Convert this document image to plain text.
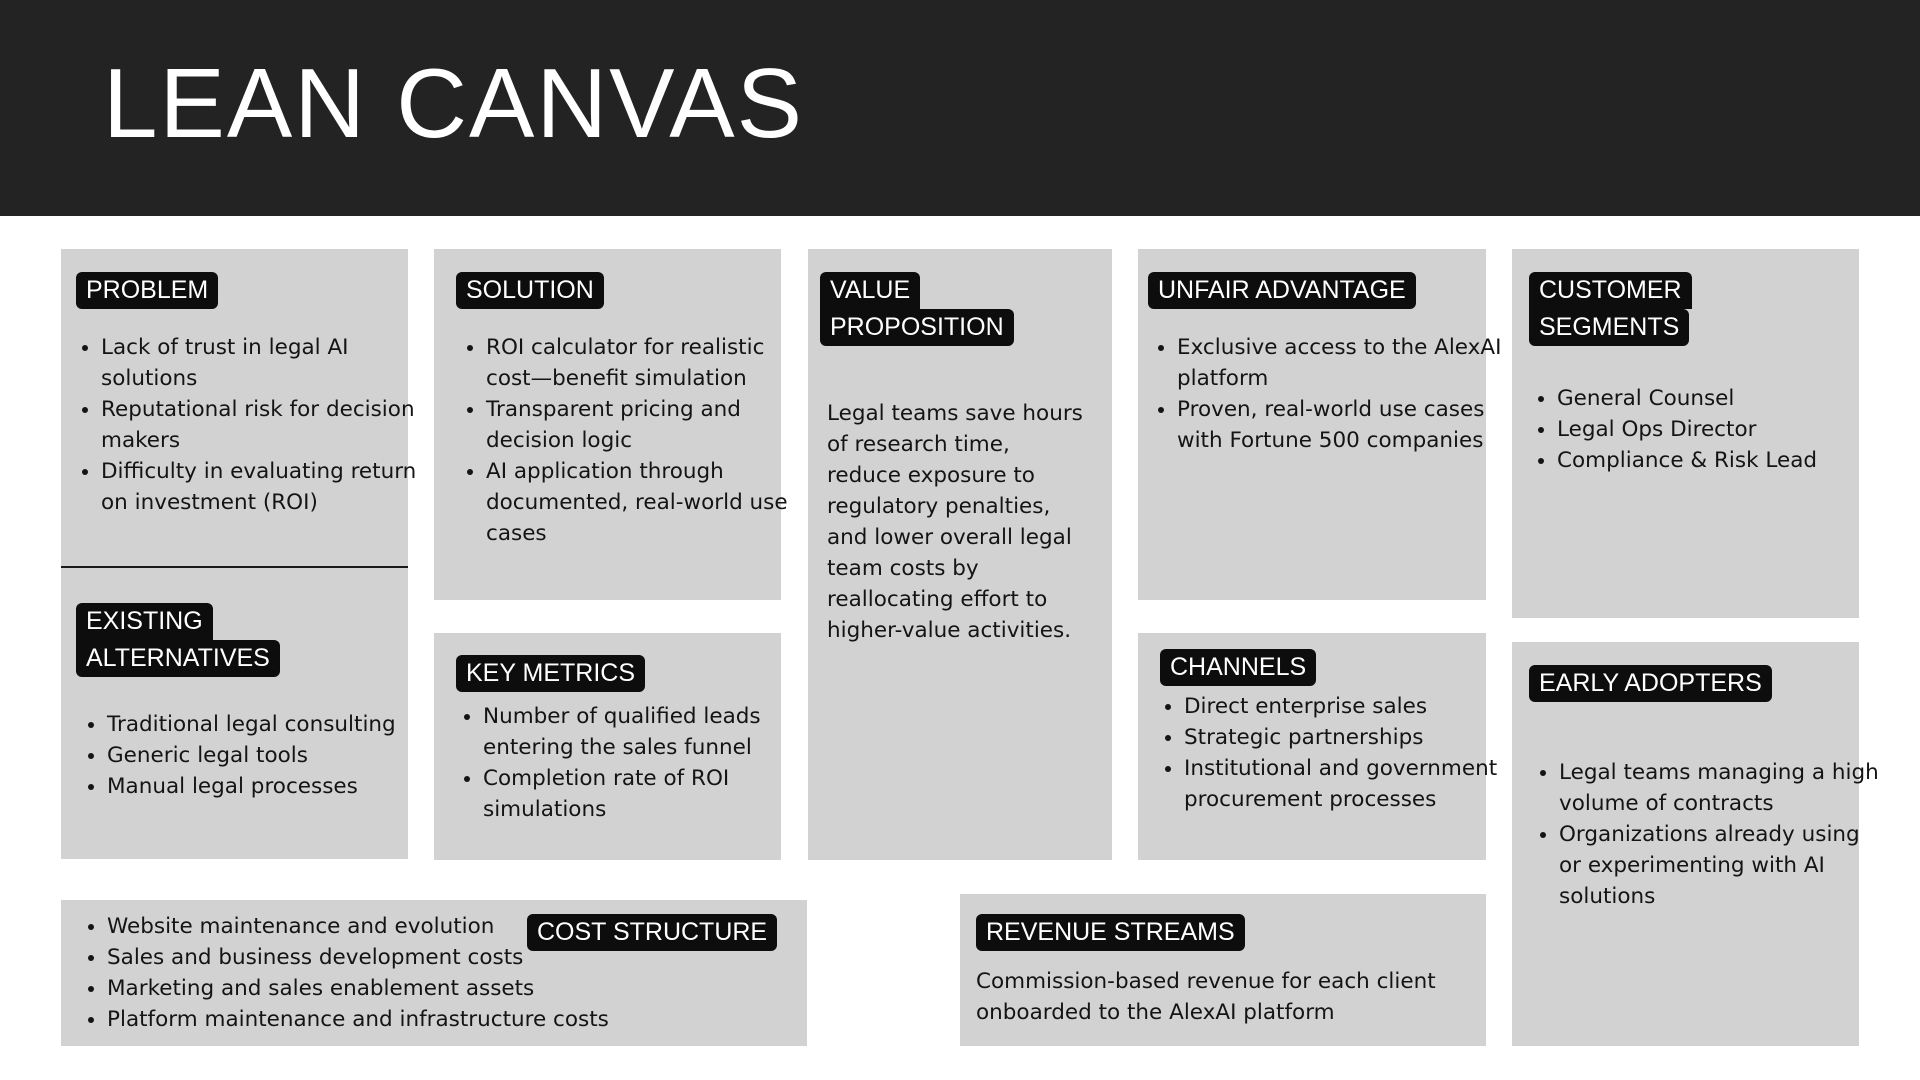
LEAN CANVAS
PROBLEM
• Lack of trust in legal AI solutions
• Reputational risk for decision makers
• Difficulty in evaluating return on investment (ROI)
EXISTING
ALTERNATIVES
• Traditional legal consulting
• Generic legal tools
• Manual legal processes
SOLUTION
• ROI calculator for realistic cost—benefit simulation
• Transparent pricing and decision logic
• AI application through documented, real-world use cases
KEY METRICS
• Number of qualified leads entering the sales funnel
• Completion rate of ROI simulations
VALUE
PROPOSITION

Legal teams save hours of research time, reduce exposure to regulatory penalties, and lower overall legal team costs by reallocating effort to higher-value activities.

UNFAIR ADVANTAGE
• Exclusive access to the AlexAI platform
• Proven, real-world use cases with Fortune 500 companies
CHANNELS
• Direct enterprise sales
• Strategic partnerships
• Institutional and government procurement processes
CUSTOMER
SEGMENTS
• General Counsel
• Legal Ops Director
• Compliance & Risk Lead
EARLY ADOPTERS
• Legal teams managing a high volume of contracts
• Organizations already using or experimenting with AI solutions
• Website maintenance and evolution
• Sales and business development costs
• Marketing and sales enablement assets
• Platform maintenance and infrastructure costs
COST STRUCTURE	REVENUE STREAMS

Commission-based revenue for each client onboarded to the AlexAI platform
